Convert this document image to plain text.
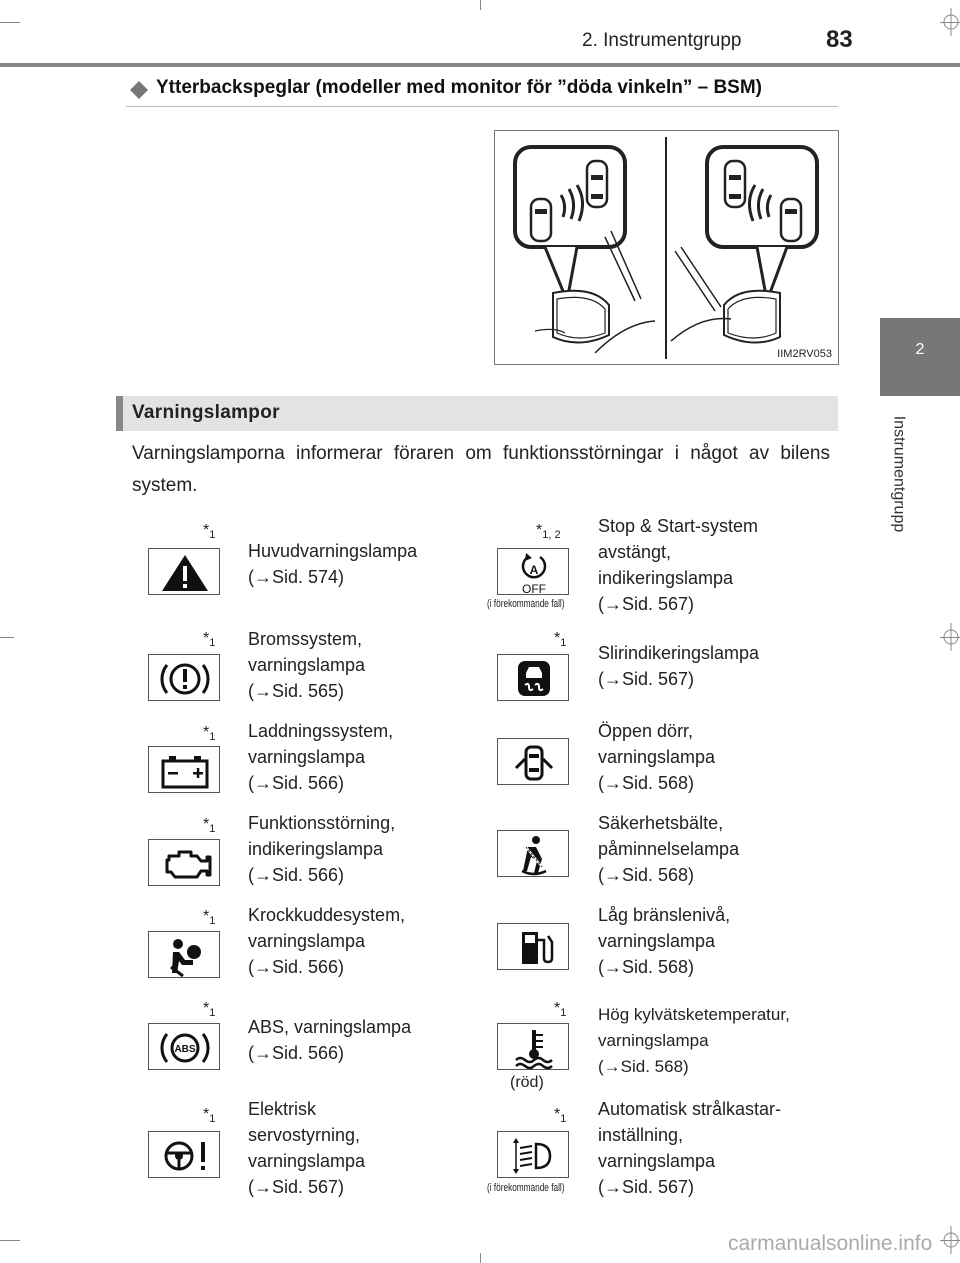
2. Instrumentgrupp	83
2
Instrumentgrupp
Ytterbackspeglar (modeller med monitor för ”döda vinkeln” – BSM)
IIM2RV053
Varningslampor
Varningslamporna informerar föraren om funktionsstörningar i något av bilens system.
$*_1$
Huvudvarningslampa
(→Sid. 574)
$*_1$ Bromssystem,
varningslampa
(→Sid. 565)
$*_1$ Laddningssystem,
varningslampa
(→Sid. 566)
$*_1$ Funktionsstörning,
indikeringslampa
(→Sid. 566)
$*_1$ Krockkuddesystem,
varningslampa
(→Sid. 566)
$*_1$
ABS
ABS, varningslampa
(→Sid. 566)
$*_1$ Elektrisk
servostyrning,
varningslampa
(→Sid. 567)
$*_{1, 2}$
A
OFF
(i förekommande fall)
Stop & Start-system
avstängt,
indikeringslampa
(→Sid. 567)
$*_1$ Slirindikeringslampa
(→Sid. 567)
Öppen dörr,
varningslampa
(→Sid. 568)
Säkerhetsbälte,
påminnelselampa
(→Sid. 568)
Låg bränslenivå,
varningslampa
(→Sid. 568)
$*_1$
(röd)
Hög kylvätsketemperatur,
varningslampa
(→Sid. 568)
$*_1$
(i förekommande fall)
Automatisk strålkastar-
inställning,
varningslampa
(→Sid. 567)
carmanualsonline.info
